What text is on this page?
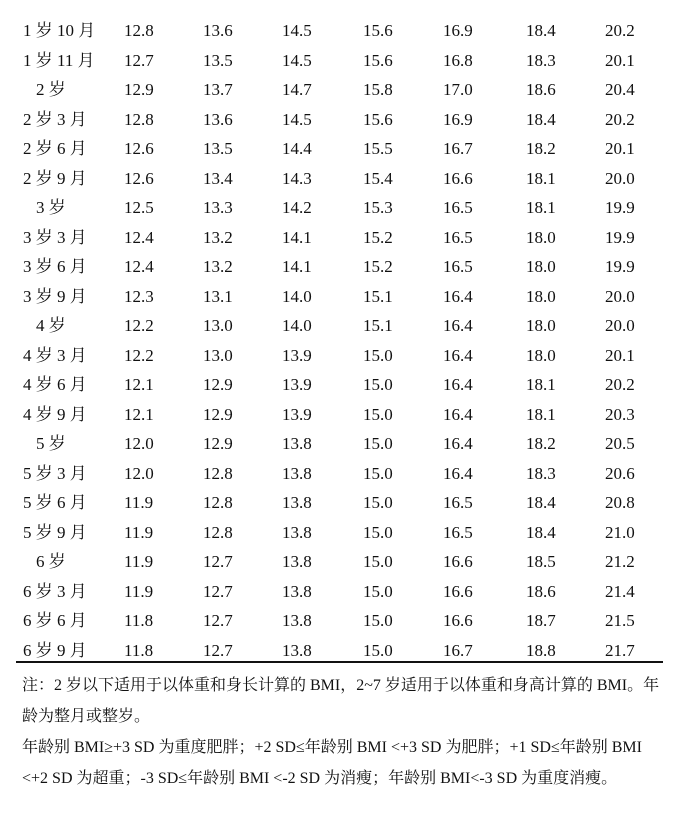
1 岁 10 月	12.8	13.6	14.5	15.6	16.9	18.4	20.2
1 岁 11 月	12.7	13.5	14.5	15.6	16.8	18.3	20.1
2 岁	12.9	13.7	14.7	15.8	17.0	18.6	20.4
2 岁 3 月	12.8	13.6	14.5	15.6	16.9	18.4	20.2
2 岁 6 月	12.6	13.5	14.4	15.5	16.7	18.2	20.1
2 岁 9 月	12.6	13.4	14.3	15.4	16.6	18.1	20.0
3 岁	12.5	13.3	14.2	15.3	16.5	18.1	19.9
3 岁 3 月	12.4	13.2	14.1	15.2	16.5	18.0	19.9
3 岁 6 月	12.4	13.2	14.1	15.2	16.5	18.0	19.9
3 岁 9 月	12.3	13.1	14.0	15.1	16.4	18.0	20.0
4 岁	12.2	13.0	14.0	15.1	16.4	18.0	20.0
4 岁 3 月	12.2	13.0	13.9	15.0	16.4	18.0	20.1
4 岁 6 月	12.1	12.9	13.9	15.0	16.4	18.1	20.2
4 岁 9 月	12.1	12.9	13.9	15.0	16.4	18.1	20.3
5 岁	12.0	12.9	13.8	15.0	16.4	18.2	20.5
5 岁 3 月	12.0	12.8	13.8	15.0	16.4	18.3	20.6
5 岁 6 月	11.9	12.8	13.8	15.0	16.5	18.4	20.8
5 岁 9 月	11.9	12.8	13.8	15.0	16.5	18.4	21.0
6 岁	11.9	12.7	13.8	15.0	16.6	18.5	21.2
6 岁 3 月	11.9	12.7	13.8	15.0	16.6	18.6	21.4
6 岁 6 月	11.8	12.7	13.8	15.0	16.6	18.7	21.5
6 岁 9 月	11.8	12.7	13.8	15.0	16.7	18.8	21.7

注：2 岁以下适用于以体重和身长计算的 BMI，2~7 岁适用于以体重和身高计算的 BMI。年龄为整月或整岁。

年龄别 BMI≥+3 SD 为重度肥胖；+2 SD≤年龄别 BMI <+3 SD 为肥胖；+1 SD≤年龄别 BMI <+2 SD 为超重；-3 SD≤年龄别 BMI <-2 SD 为消瘦；年龄别 BMI<-3 SD 为重度消瘦。
